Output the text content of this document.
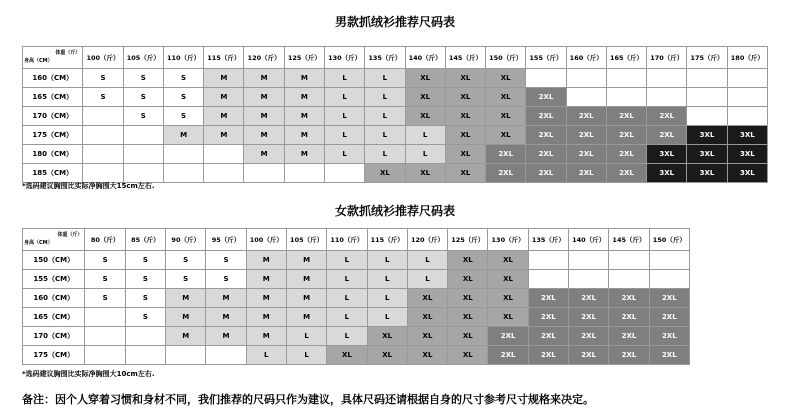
男款抓绒衫推荐尺码表
体重（斤）
身高（CM）	100（斤）	105（斤）	110（斤）	115（斤）	120（斤）	125（斤）	130（斤）	135（斤）	140（斤）	145（斤）	150（斤）	155（斤）	160（斤）	165（斤）	170（斤）	175（斤）	180（斤）
160（CM）	S	S	S	M	M	M	L	L	XL	XL	XL						
165（CM）	S	S	S	M	M	M	L	L	XL	XL	XL	2XL					
170（CM）		S	S	M	M	M	L	L	XL	XL	XL	2XL	2XL	2XL	2XL		
175（CM）			M	M	M	M	L	L	L	XL	XL	2XL	2XL	2XL	2XL	3XL	3XL
180（CM）					M	M	L	L	L	XL	2XL	2XL	2XL	2XL	3XL	3XL	3XL
185（CM）								XL	XL	XL	2XL	2XL	2XL	2XL	3XL	3XL	3XL
*选码建议胸围比实际净胸围大15cm左右.
女款抓绒衫推荐尺码表
体重（斤）
身高（CM）	80（斤）	85（斤）	90（斤）	95（斤）	100（斤）	105（斤）	110（斤）	115（斤）	120（斤）	125（斤）	130（斤）	135（斤）	140（斤）	145（斤）	150（斤）
150（CM）	S	S	S	S	M	M	L	L	L	XL	XL				
155（CM）	S	S	S	S	M	M	L	L	L	XL	XL				
160（CM）	S	S	M	M	M	M	L	L	XL	XL	XL	2XL	2XL	2XL	2XL
165（CM）		S	M	M	M	M	L	L	XL	XL	XL	2XL	2XL	2XL	2XL
170（CM）			M	M	M	L	L	XL	XL	XL	2XL	2XL	2XL	2XL	2XL
175（CM）					L	L	XL	XL	XL	XL	2XL	2XL	2XL	2XL	2XL
*选码建议胸围比实际净胸围大10cm左右.
备注：因个人穿着习惯和身材不同，我们推荐的尺码只作为建议，具体尺码还请根据自身的尺寸参考尺寸规格来决定。
